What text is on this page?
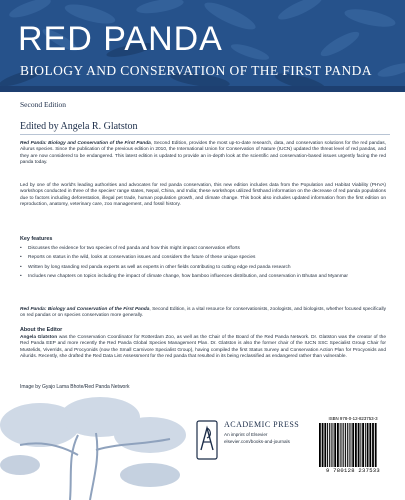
RED PANDA
BIOLOGY AND CONSERVATION OF THE FIRST PANDA
Second Edition
Edited by Angela R. Glatston
Red Panda: Biology and Conservation of the First Panda, Second Edition, provides the most up-to-date research, data, and conservation solutions for the red pandas, Ailurus species. Since the publication of the previous edition in 2010, the International Union for Conservation of Nature (IUCN) updated the threat level of red pandas, and they are now considered to be endangered. This latest edition is updated to provide an in-depth look at the scientific and conservation-based issues urgently facing the red panda today.
Led by one of the world's leading authorities and advocates for red panda conservation, this new edition includes data from the Population and Habitat Viability (PHVA) workshops conducted in three of the species' range states, Nepal, China, and India; these workshops utilized firsthand information on the decrease of red panda populations due to factors including deforestation, illegal pet trade, human population growth, and climate change. This book also includes updated information from the first edition on reproduction, anatomy, veterinary care, zoo management, and fossil history.
Key features
• Discusses the evidence for two species of red panda and how this might impact conservation efforts
• Reports on status in the wild, looks at conservation issues and considers the future of these unique species
• Written by long standing red panda experts as well as experts in other fields contributing to cutting edge red panda research
• Includes new chapters on topics including the impact of climate change, how bamboo influences distribution, and conservation in Bhutan and Myanmar
Red Panda: Biology and Conservation of the First Panda, Second Edition, is a vital resource for conservationists, zoologists, and biologists, whether focused specifically on red pandas or on species conservation more generally.
About the Editor
Angela Glatston was the Conservation Coordinator for Rotterdam Zoo, as well as the Chair of the Board of the Red Panda Network. Dr. Glatston was the creator of the Red Panda EEP and more recently the Red Panda Global Species Management Plan. Dr. Glatston is also the former chair of the IUCN SSC Specialist Group Chair for Mustelids, Viverrids, and Procyonids (now the Small Carnivore Specialist Group), having compiled the first Status Survey and Conservation Action Plan for Procyonids and Ailurids. Recently, she drafted the Red Data List Assessment for the red panda that resulted in its being reclassified as endangered rather than vulnerable.
Image by Gyajo Lama Bhote/Red Panda Network
ACADEMIC PRESS
An imprint of Elsevier
elsevier.com/books-and-journals
ISBN 978-0-12-823753-3
9 780128 237533
